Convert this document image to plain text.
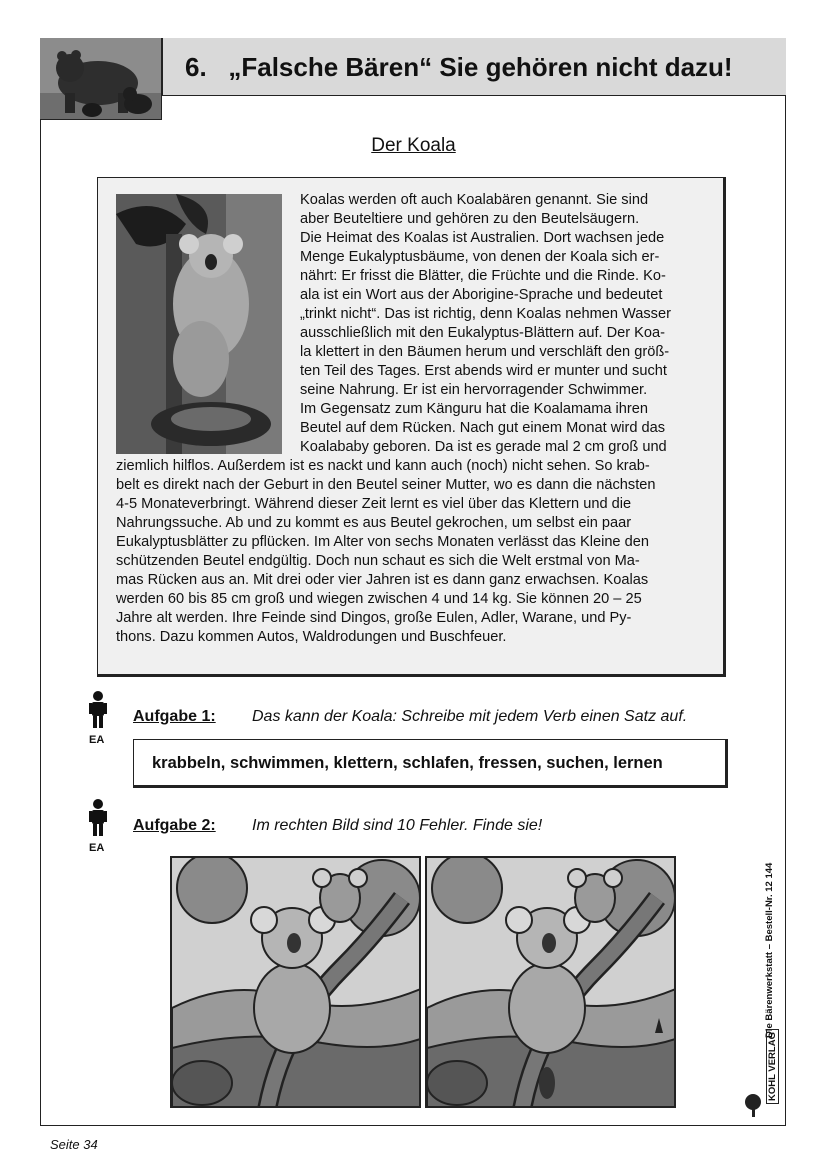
6. „Falsche Bären“ Sie gehören nicht dazu!
Der Koala
Koalas werden oft auch Koalabären genannt. Sie sind
aber Beuteltiere und gehören zu den Beutelsäugern.
Die Heimat des Koalas ist Australien. Dort wachsen jede
Menge Eukalyptusbäume, von denen der Koala sich er-
nährt: Er frisst die Blätter, die Früchte und die Rinde. Ko-
ala ist ein Wort aus der Aborigine-Sprache und bedeutet
„trinkt nicht“. Das ist richtig, denn Koalas nehmen Wasser
ausschließlich mit den Eukalyptus-Blättern auf. Der Koa-
la klettert in den Bäumen herum und verschläft den größ-
ten Teil des Tages. Erst abends wird er munter und sucht
seine Nahrung. Er ist ein hervorragender Schwimmer.
Im Gegensatz zum Känguru hat die Koalamama ihren
Beutel auf dem Rücken. Nach gut einem Monat wird das
Koalababy geboren. Da ist es gerade mal 2 cm groß und
ziemlich hilflos. Außerdem ist es nackt und kann auch (noch) nicht sehen. So krab-
belt es direkt nach der Geburt in den Beutel seiner Mutter, wo es dann die nächsten
4-5 Monateverbringt. Während dieser Zeit lernt es viel über das Klettern und die
Nahrungssuche. Ab und zu kommt es aus Beutel gekrochen, um selbst ein paar
Eukalyptusblätter zu pflücken. Im Alter von sechs Monaten verlässt das Kleine den
schützenden Beutel endgültig. Doch nun schaut es sich die Welt erstmal von Ma-
mas Rücken aus an. Mit drei oder vier Jahren ist es dann ganz erwachsen. Koalas
werden 60 bis 85 cm groß und wiegen zwischen 4 und 14 kg. Sie können 20 – 25
Jahre alt werden. Ihre Feinde sind Dingos, große Eulen, Adler, Warane, und Py-
thons. Dazu kommen Autos, Waldrodungen und Buschfeuer.
EA
Aufgabe 1: Das kann der Koala: Schreibe mit jedem Verb einen Satz auf.
krabbeln, schwimmen, klettern, schlafen, fressen, suchen, lernen
EA
Aufgabe 2: Im rechten Bild sind 10 Fehler. Finde sie!
Die Bärenwerkstatt – Bestell-Nr. 12 144
KOHL VERLAG
Seite 34
